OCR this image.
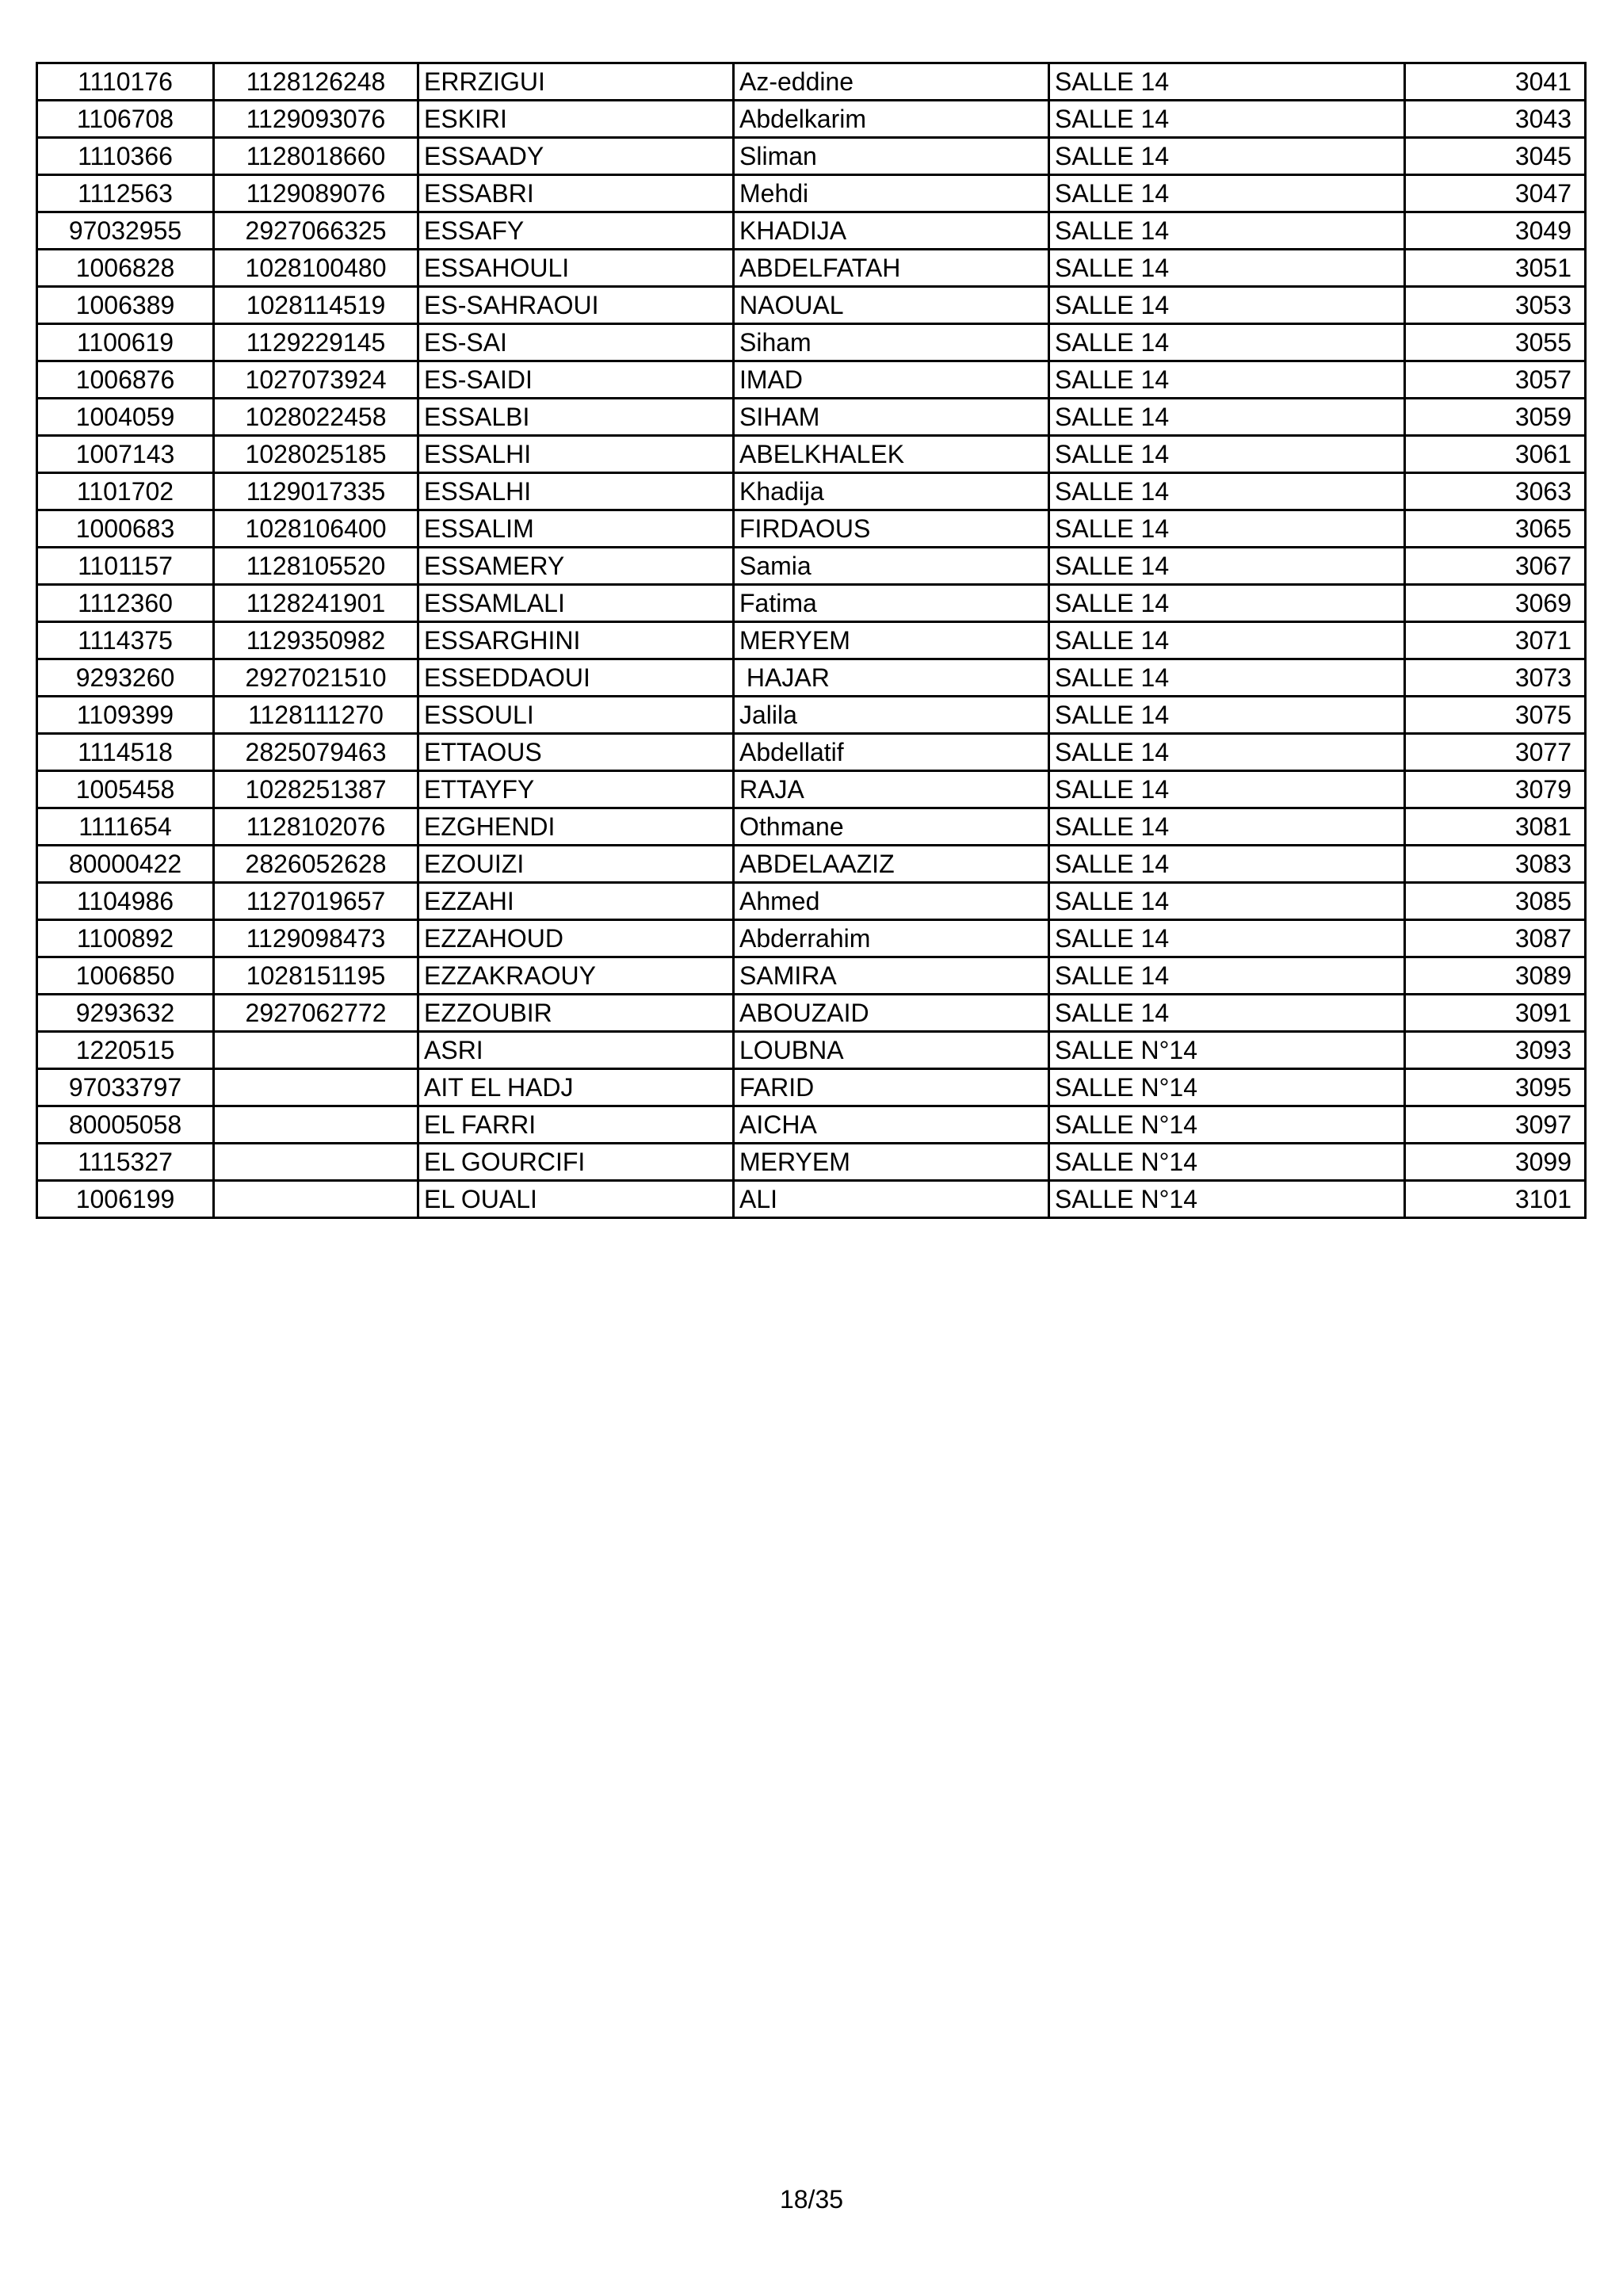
1110176	1128126248	ERRZIGUI	Az-eddine	SALLE 14	3041
1106708	1129093076	ESKIRI	Abdelkarim	SALLE 14	3043
1110366	1128018660	ESSAADY	Sliman	SALLE 14	3045
1112563	1129089076	ESSABRI	Mehdi	SALLE 14	3047
97032955	2927066325	ESSAFY	KHADIJA	SALLE 14	3049
1006828	1028100480	ESSAHOULI	ABDELFATAH	SALLE 14	3051
1006389	1028114519	ES-SAHRAOUI	NAOUAL	SALLE 14	3053
1100619	1129229145	ES-SAI	Siham	SALLE 14	3055
1006876	1027073924	ES-SAIDI	IMAD	SALLE 14	3057
1004059	1028022458	ESSALBI	SIHAM	SALLE 14	3059
1007143	1028025185	ESSALHI	ABELKHALEK	SALLE 14	3061
1101702	1129017335	ESSALHI	Khadija	SALLE 14	3063
1000683	1028106400	ESSALIM	FIRDAOUS	SALLE 14	3065
1101157	1128105520	ESSAMERY	Samia	SALLE 14	3067
1112360	1128241901	ESSAMLALI	Fatima	SALLE 14	3069
1114375	1129350982	ESSARGHINI	MERYEM	SALLE 14	3071
9293260	2927021510	ESSEDDAOUI	HAJAR	SALLE 14	3073
1109399	1128111270	ESSOULI	Jalila	SALLE 14	3075
1114518	2825079463	ETTAOUS	Abdellatif	SALLE 14	3077
1005458	1028251387	ETTAYFY	RAJA	SALLE 14	3079
1111654	1128102076	EZGHENDI	Othmane	SALLE 14	3081
80000422	2826052628	EZOUIZI	ABDELAAZIZ	SALLE 14	3083
1104986	1127019657	EZZAHI	Ahmed	SALLE 14	3085
1100892	1129098473	EZZAHOUD	Abderrahim	SALLE 14	3087
1006850	1028151195	EZZAKRAOUY	SAMIRA	SALLE 14	3089
9293632	2927062772	EZZOUBIR	ABOUZAID	SALLE 14	3091
1220515		ASRI	LOUBNA	SALLE N°14	3093
97033797		AIT EL HADJ	FARID	SALLE N°14	3095
80005058		EL FARRI	AICHA	SALLE N°14	3097
1115327		EL GOURCIFI	MERYEM	SALLE N°14	3099
1006199		EL OUALI	ALI	SALLE N°14	3101
18/35
